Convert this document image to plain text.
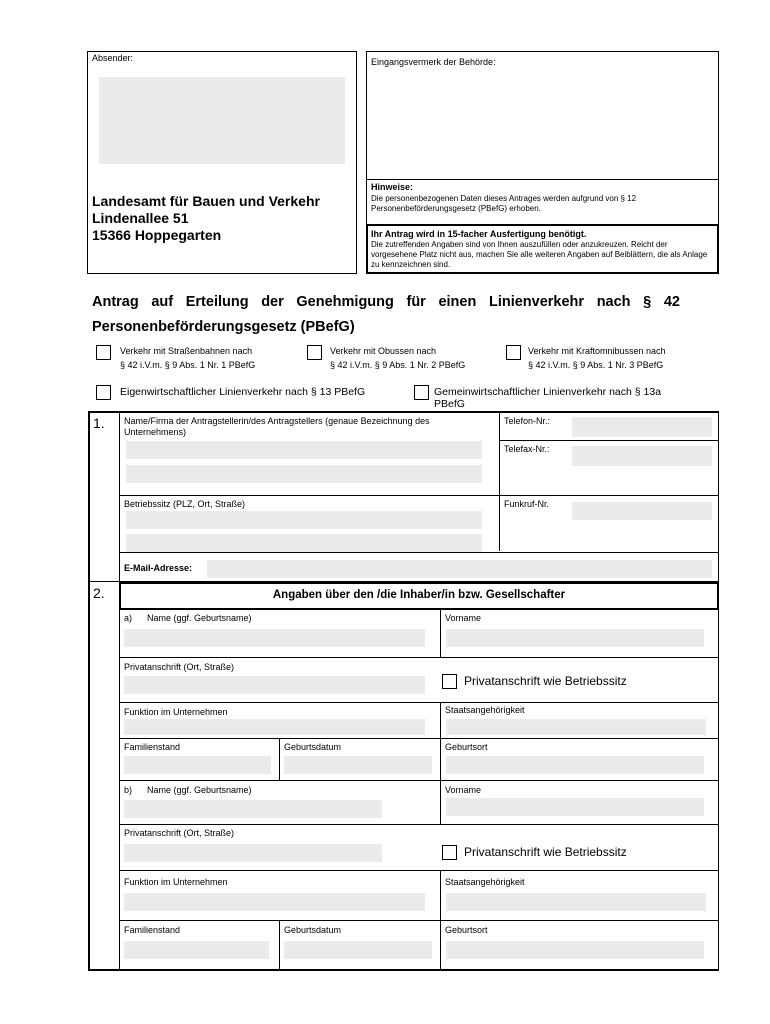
Absender:
Landesamt für Bauen und Verkehr
Lindenallee 51
15366 Hoppegarten
Eingangsvermerk der Behörde:
Hinweise:
Die personenbezogenen Daten dieses Antrages werden aufgrund von § 12 Personenbeförderungsgesetz (PBefG) erhoben.
Ihr Antrag wird in 15-facher Ausfertigung benötigt.
Die zutreffenden Angaben sind von Ihnen auszufüllen oder anzukreuzen. Reicht der vorgesehene Platz nicht aus, machen Sie alle weiteren Angaben auf Beiblättern, die als Anlage zu kennzeichnen sind.
Antrag auf Erteilung der Genehmigung für einen Linienverkehr nach § 42
Personenbeförderungsgesetz (PBefG)
Verkehr mit Straßenbahnen nach
§ 42 i.V.m. § 9 Abs. 1 Nr. 1 PBefG
Verkehr mit Obussen nach
§ 42 i.V.m. § 9 Abs. 1 Nr. 2 PBefG
Verkehr mit Kraftomnibussen nach
§ 42 i.V.m. § 9 Abs. 1 Nr. 3 PBefG
Eigenwirtschaftlicher Linienverkehr nach § 13 PBefG	Gemeinwirtschaftlicher Linienverkehr nach § 13a
PBefG
1. Name/Firma der Antragstellerin/des Antragstellers (genaue Bezeichnung des Unternehmens)
Telefon-Nr.:
Telefax-Nr.:
Betriebssitz (PLZ, Ort, Straße)	Funkruf-Nr.
E-Mail-Adresse:
2.	Angaben über den /die Inhaber/in bzw. Gesellschafter
a) Name (ggf. Geburtsname)	Vorname
Privatanschrift (Ort, Straße)
Privatanschrift wie Betriebssitz
Funktion im Unternehmen	Staatsangehörigkeit
Familienstand	Geburtsdatum	Geburtsort
b) Name (ggf. Geburtsname)	Vorname
Privatanschrift (Ort, Straße)
Privatanschrift wie Betriebssitz
Funktion im Unternehmen	Staatsangehörigkeit
Familienstand	Geburtsdatum	Geburtsort
